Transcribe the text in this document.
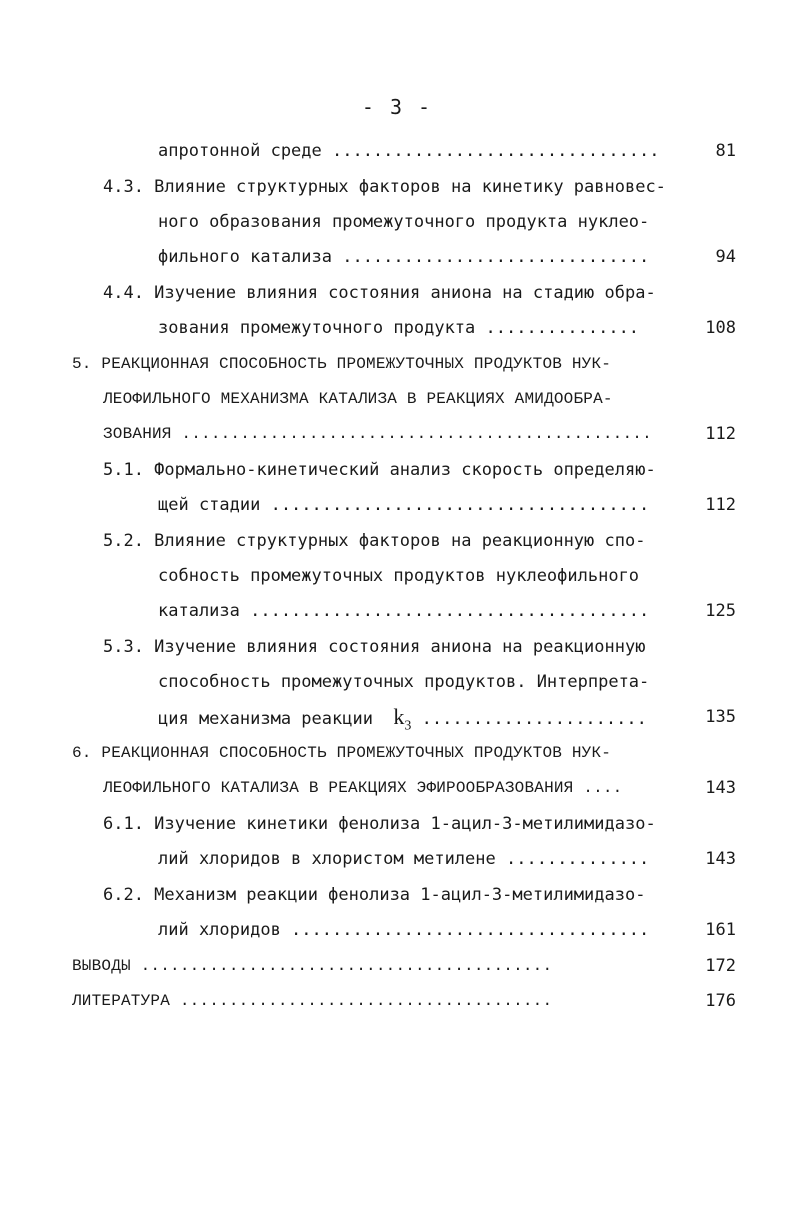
- 3 -
апротонной среде ................................	81
4.3. Влияние структурных факторов на кинетику равновес-
ного образования промежуточного продукта нуклео-
фильного катализа ..............................	94
4.4. Изучение влияния состояния аниона на стадию обра-
зования промежуточного продукта ...............	108
5. РЕАКЦИОННАЯ СПОСОБНОСТЬ ПРОМЕЖУТОЧНЫХ ПРОДУКТОВ НУК-
ЛЕОФИЛЬНОГО МЕХАНИЗМА КАТАЛИЗА В РЕАКЦИЯХ АМИДООБРА-
ЗОВАНИЯ ................................................	112
5.1. Формально-кинетический анализ скорость определяю-
щей стадии .....................................	112
5.2. Влияние структурных факторов на реакционную спо-
собность промежуточных продуктов нуклеофильного
катализа .......................................	125
5.3. Изучение влияния состояния аниона на реакционную
способность промежуточных продуктов. Интерпрета-
ция механизма реакции $k_3$ ......................	135
6. РЕАКЦИОННАЯ СПОСОБНОСТЬ ПРОМЕЖУТОЧНЫХ ПРОДУКТОВ НУК-
ЛЕОФИЛЬНОГО КАТАЛИЗА В РЕАКЦИЯХ ЭФИРООБРАЗОВАНИЯ ....	143
6.1. Изучение кинетики фенолиза 1-ацил-3-метилимидазо-
лий хлоридов в хлористом метилене ..............	143
6.2. Механизм реакции фенолиза 1-ацил-3-метилимидазо-
лий хлоридов ...................................	161
ВЫВОДЫ ..........................................	172
ЛИТЕРАТУРА ......................................	176
